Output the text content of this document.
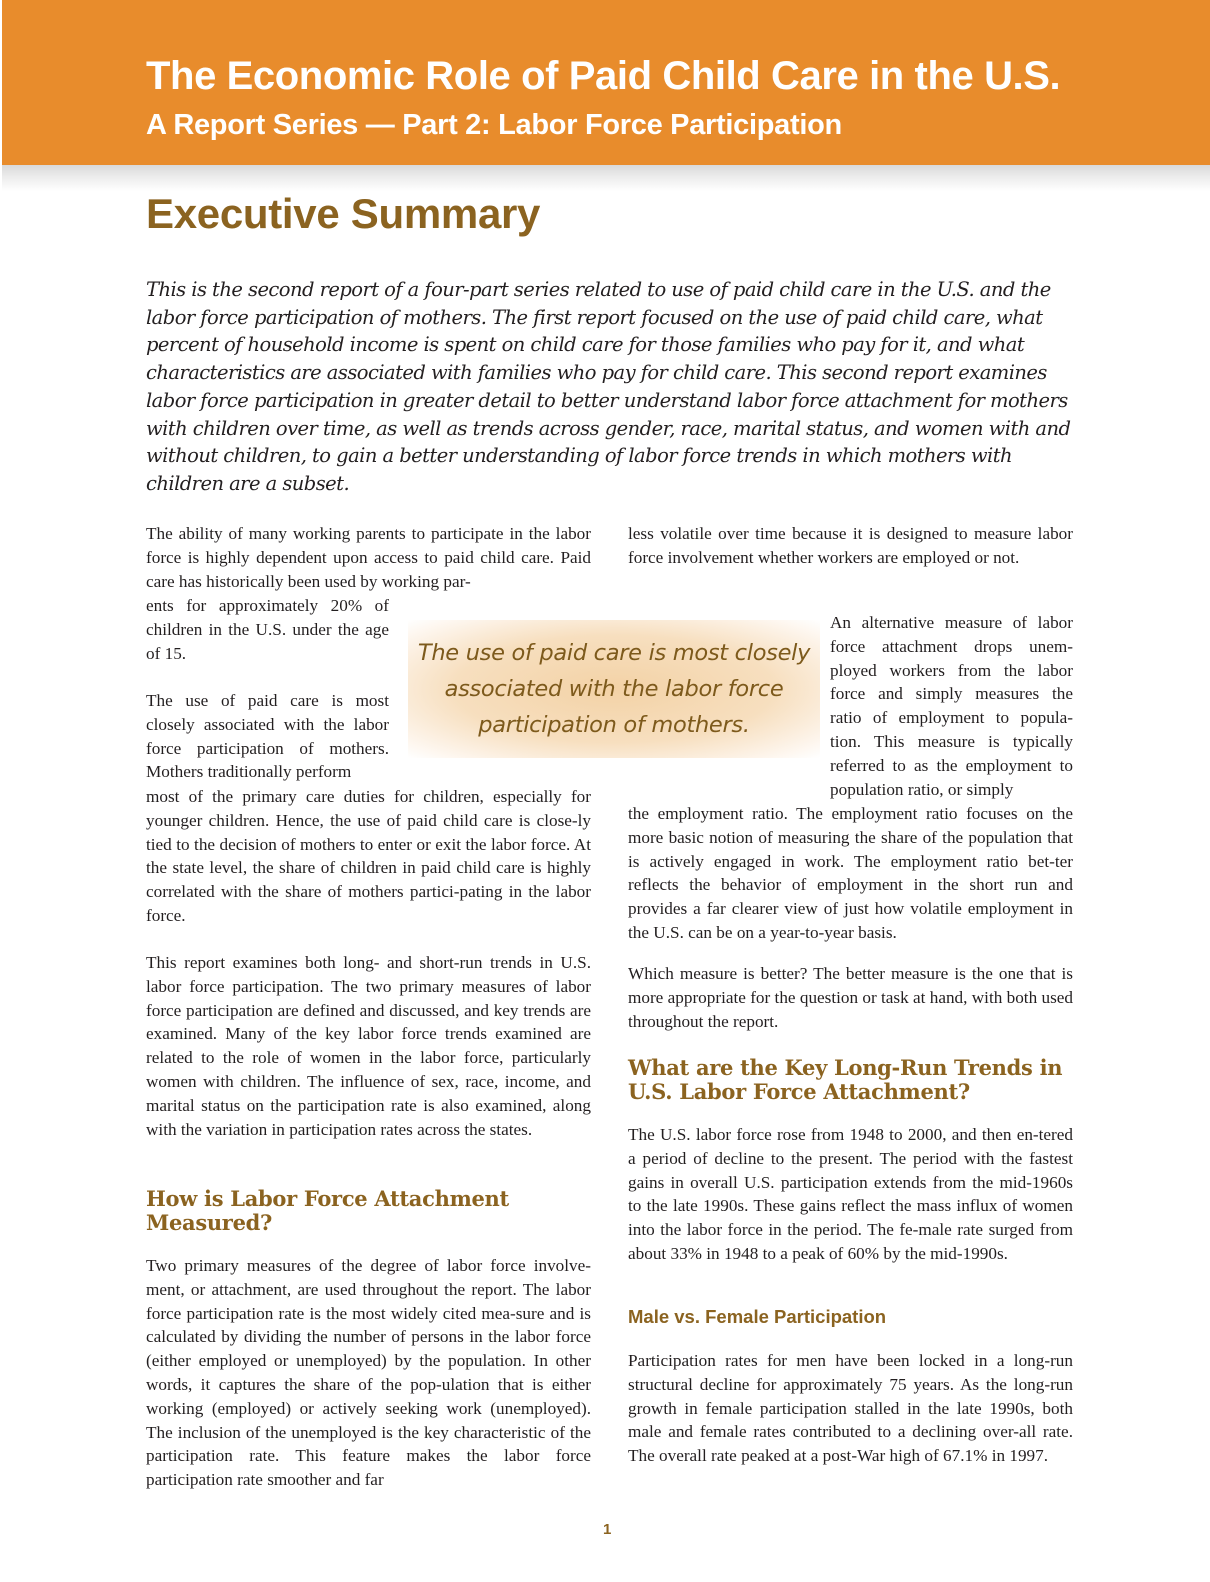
The Economic Role of Paid Child Care in the U.S.
A Report Series — Part 2: Labor Force Participation
Executive Summary

This is the second report of a four-part series related to use of paid child care in the U.S. and the labor force participation of mothers. The first report focused on the use of paid child care, what percent of household income is spent on child care for those families who pay for it, and what characteristics are associated with families who pay for child care. This second report examines labor force participation in greater detail to better understand labor force attachment for mothers with children over time, as well as trends across gender, race, marital status, and women with and without children, to gain a better understanding of labor force trends in which mothers with children are a subset.

The ability of many working parents to participate in the labor force is highly dependent upon access to paid child care. Paid care has historically been used by working par-

ents for approximately 20% of children in the U.S. under the age of 15.

The use of paid care is most closely associated with the labor force participation of mothers. Mothers traditionally perform

most of the primary care duties for children, especially for younger children. Hence, the use of paid child care is close-ly tied to the decision of mothers to enter or exit the labor force. At the state level, the share of children in paid child care is highly correlated with the share of mothers partici-pating in the labor force.

This report examines both long- and short-run trends in U.S. labor force participation. The two primary measures of labor force participation are defined and discussed, and key trends are examined. Many of the key labor force trends examined are related to the role of women in the labor force, particularly women with children. The influence of sex, race, income, and marital status on the participation rate is also examined, along with the variation in participation rates across the states.

How is Labor Force Attachment Measured?

Two primary measures of the degree of labor force involve-ment, or attachment, are used throughout the report. The labor force participation rate is the most widely cited mea-sure and is calculated by dividing the number of persons in the labor force (either employed or unemployed) by the population. In other words, it captures the share of the pop-ulation that is either working (employed) or actively seeking work (unemployed). The inclusion of the unemployed is the key characteristic of the participation rate. This feature makes the labor force participation rate smoother and far

The use of paid care is most closely associated with the labor force participation of mothers.

less volatile over time because it is designed to measure labor force involvement whether workers are employed or not.

An alternative measure of labor force attachment drops unem-ployed workers from the labor force and simply measures the ratio of employment to popula-tion. This measure is typically referred to as the employment to population ratio, or simply

the employment ratio. The employment ratio focuses on the more basic notion of measuring the share of the population that is actively engaged in work. The employment ratio bet-ter reflects the behavior of employment in the short run and provides a far clearer view of just how volatile employment in the U.S. can be on a year-to-year basis.

Which measure is better? The better measure is the one that is more appropriate for the question or task at hand, with both used throughout the report.

What are the Key Long-Run Trends in U.S. Labor Force Attachment?

The U.S. labor force rose from 1948 to 2000, and then en-tered a period of decline to the present. The period with the fastest gains in overall U.S. participation extends from the mid-1960s to the late 1990s. These gains reflect the mass influx of women into the labor force in the period. The fe-male rate surged from about 33% in 1948 to a peak of 60% by the mid-1990s.

Male vs. Female Participation

Participation rates for men have been locked in a long-run structural decline for approximately 75 years. As the long-run growth in female participation stalled in the late 1990s, both male and female rates contributed to a declining over-all rate. The overall rate peaked at a post-War high of 67.1% in 1997.

1
